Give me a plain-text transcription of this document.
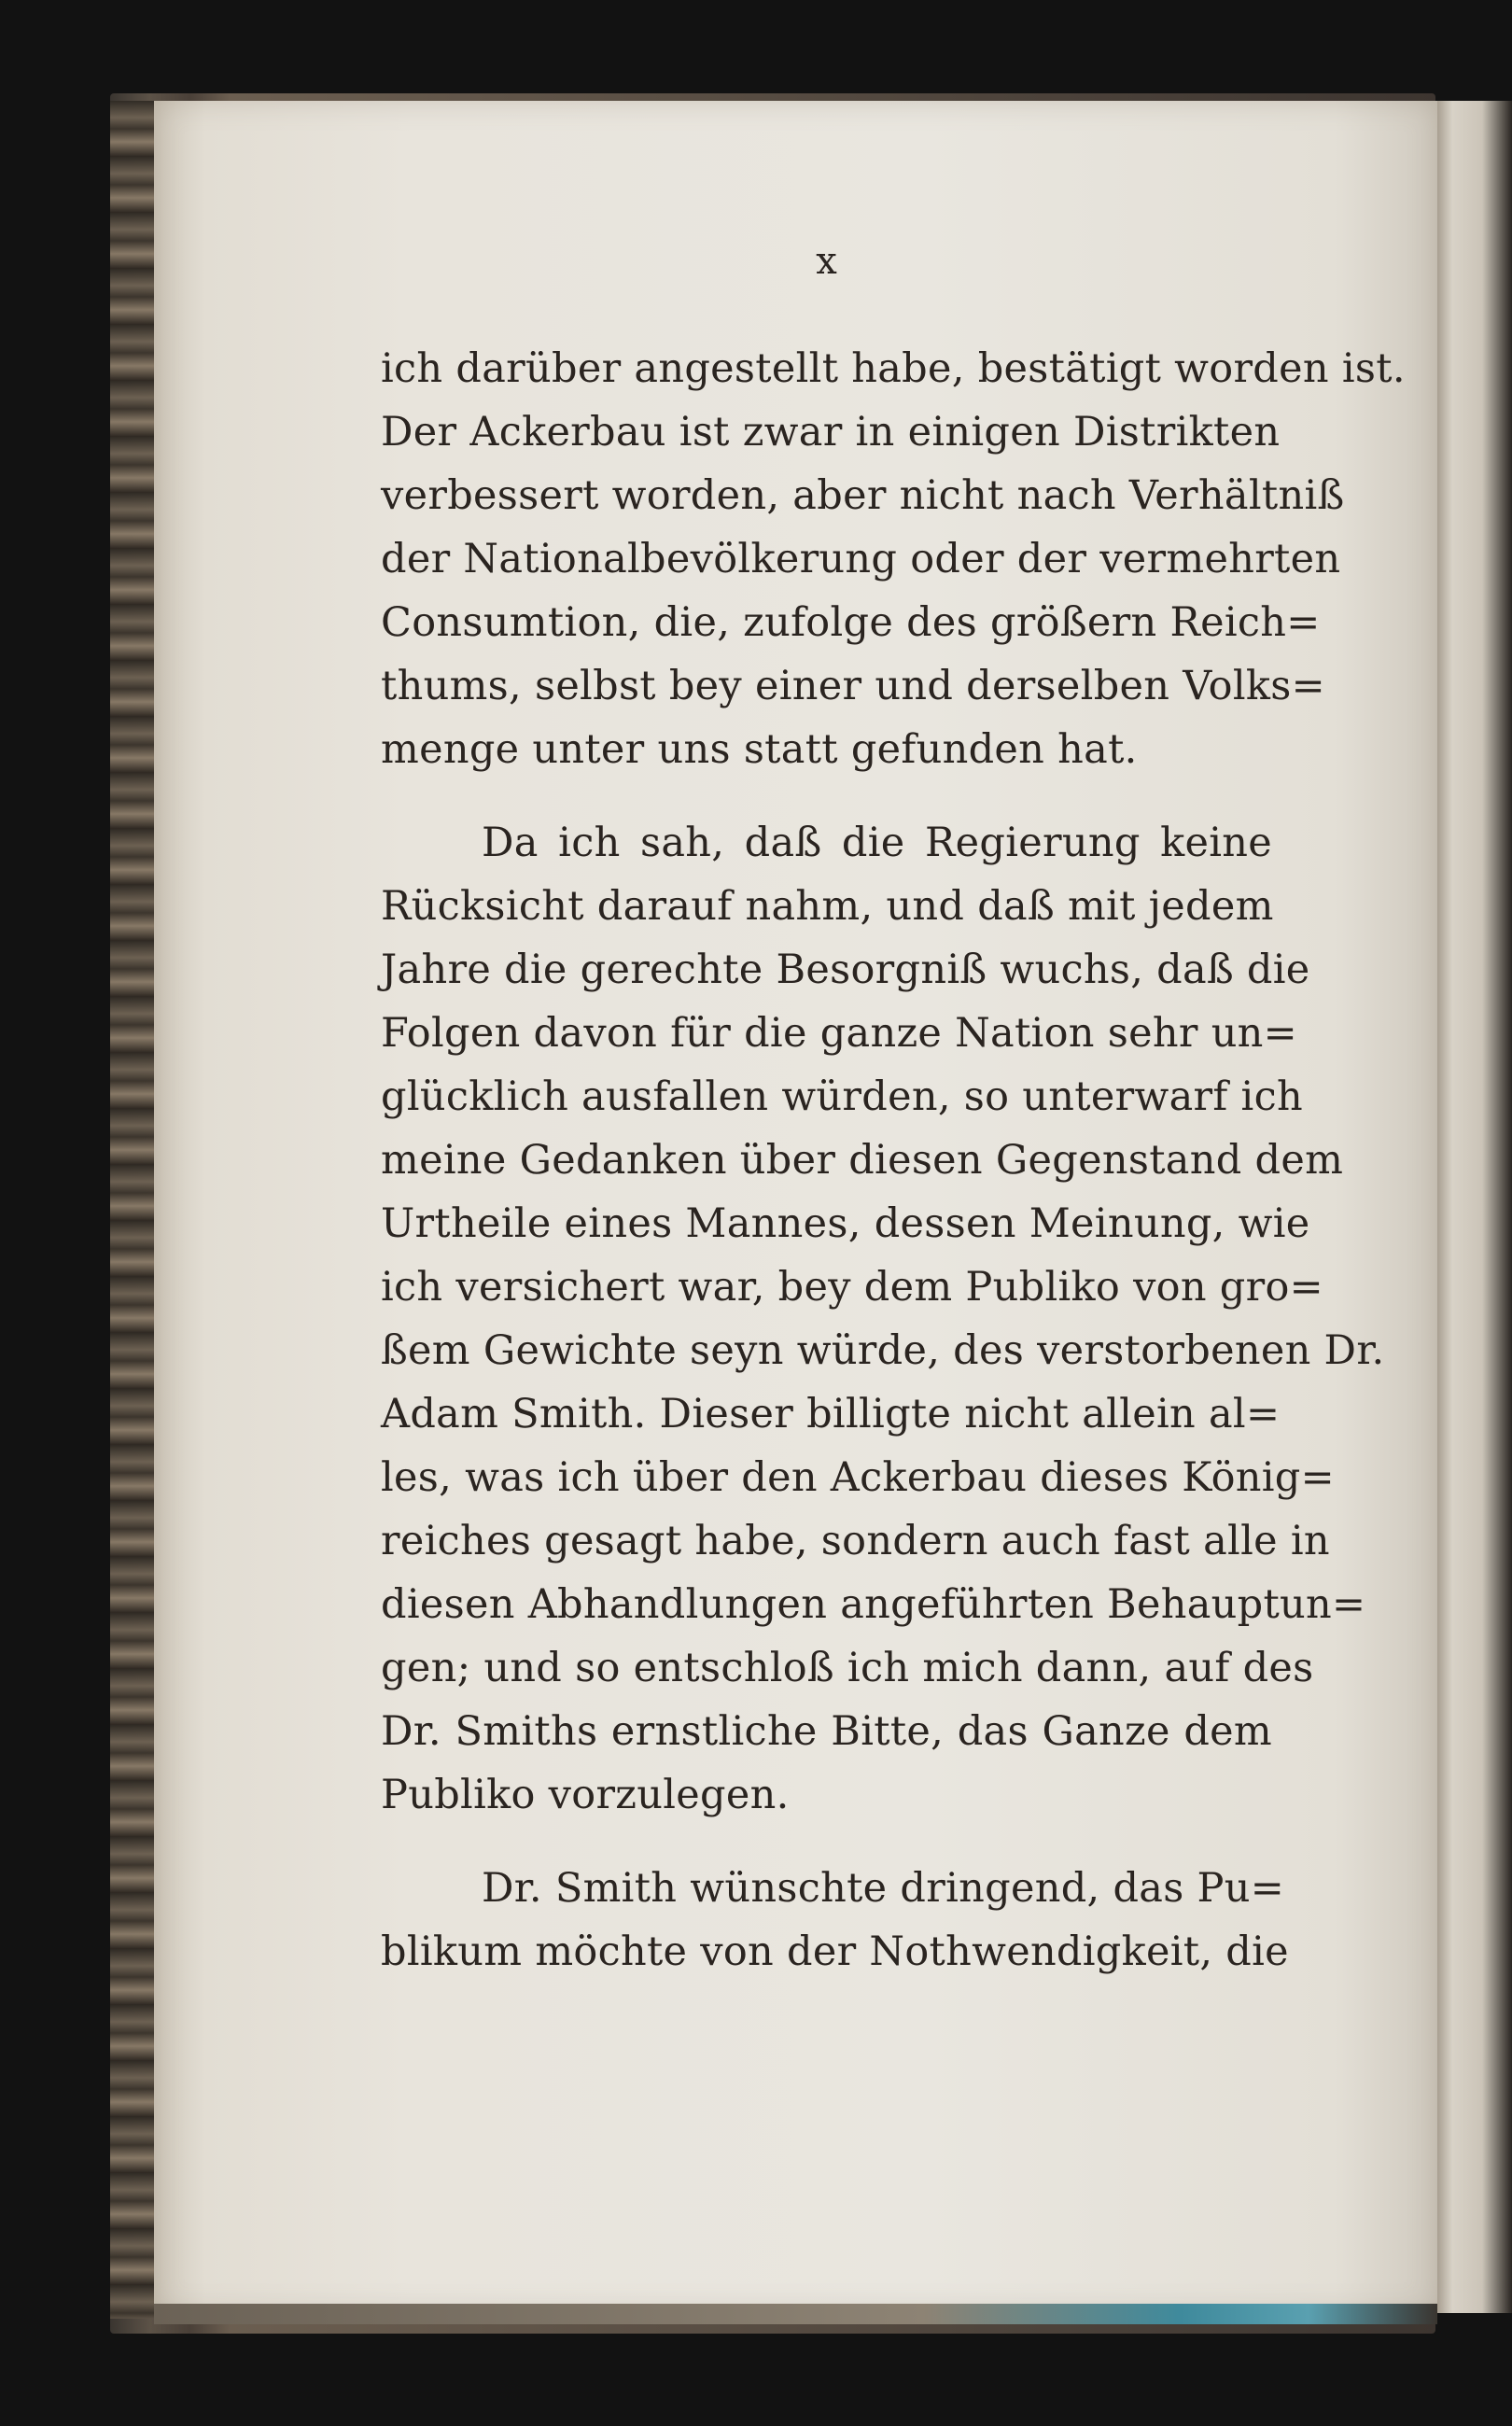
x
ich darüber angestellt habe, bestätigt worden ist.
Der Ackerbau ist zwar in einigen Distrikten
verbessert worden, aber nicht nach Verhältniß
der Nationalbevölkerung oder der vermehrten
Consumtion, die, zufolge des größern Reich=
thums, selbst bey einer und derselben Volks=
menge unter uns statt gefunden hat.
Da ich sah, daß die Regierung keine
Rücksicht darauf nahm, und daß mit jedem
Jahre die gerechte Besorgniß wuchs, daß die
Folgen davon für die ganze Nation sehr un=
glücklich ausfallen würden, so unterwarf ich
meine Gedanken über diesen Gegenstand dem
Urtheile eines Mannes, dessen Meinung, wie
ich versichert war, bey dem Publiko von gro=
ßem Gewichte seyn würde, des verstorbenen Dr.
Adam Smith. Dieser billigte nicht allein al=
les, was ich über den Ackerbau dieses König=
reiches gesagt habe, sondern auch fast alle in
diesen Abhandlungen angeführten Behauptun=
gen; und so entschloß ich mich dann, auf des
Dr. Smiths ernstliche Bitte, das Ganze dem
Publiko vorzulegen.
Dr. Smith wünschte dringend, das Pu=
blikum möchte von der Nothwendigkeit, die
